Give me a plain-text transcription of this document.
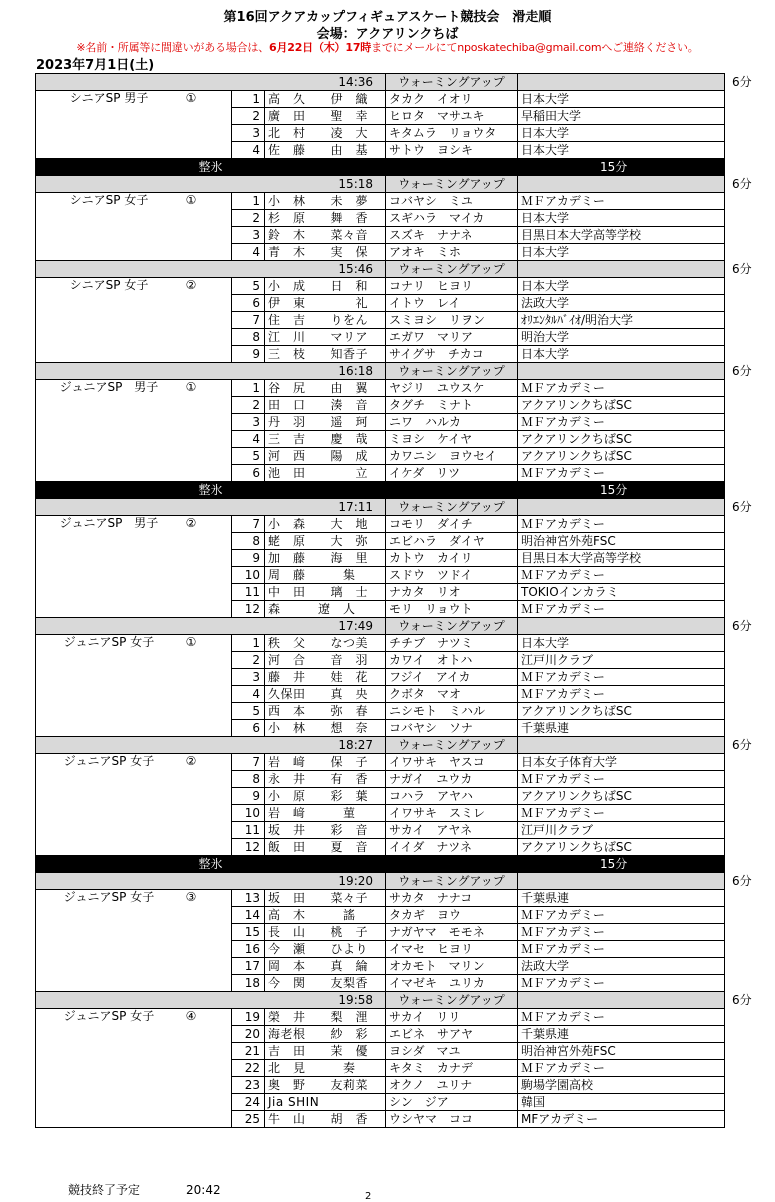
第16回アクアカップフィギュアスケート競技会　滑走順
会場：アクアリンクちば
※名前・所属等に間違いがある場合は、6月22日（木）17時までにメールにてnposkatechiba@gmail.comへご連絡ください。
2023年7月1日(土)
14:36			ウォーミングアップ	6分
シニアSP 男子 ①	1	高　久　　伊　織	タカク　イオリ	日本大学
	2	廣　田　　聖　幸	ヒロタ　マサユキ	早稲田大学
	3	北　村　　凌　大	キタムラ　リョウタ	日本大学
	4	佐　藤　　由　基	サトウ　ヨシキ	日本大学
整氷			15分	
15:18			ウォーミングアップ	6分
シニアSP 女子 ①	1	小　林　　未　夢	コバヤシ　ミユ	ＭＦアカデミー
	2	杉　原　　舞　香	スギハラ　マイカ	日本大学
	3	鈴　木　　菜々音	スズキ　ナナネ	目黒日本大学高等学校
	4	青　木　　実　保	アオキ　ミホ	日本大学
15:46			ウォーミングアップ	6分
シニアSP 女子 ②	5	小　成　　日　和	コナリ　ヒヨリ	日本大学
	6	伊　東　　　　礼	イトウ　レイ	法政大学
	7	住　吉　　りをん	スミヨシ　リヲン	ｵﾘｴﾝﾀﾙﾊﾞｲｵ/明治大学
	8	江　川　　マリア	エガワ　マリア	明治大学
	9	三　枝　　知香子	サイグサ　チカコ	日本大学
16:18			ウォーミングアップ	6分
ジュニアSP　男子 ①	1	谷　尻　　由　翼	ヤジリ　ユウスケ	ＭＦアカデミー
	2	田　口　　湊　音	タグチ　ミナト	アクアリンクちばSC
	3	丹　羽　　遥　珂	ニワ　ハルカ	ＭＦアカデミー
	4	三　吉　　慶　哉	ミヨシ　ケイヤ	アクアリンクちばSC
	5	河　西　　陽　成	カワニシ　ヨウセイ	アクアリンクちばSC
	6	池　田　　　　立	イケダ　リツ	ＭＦアカデミー
整氷			15分	
17:11			ウォーミングアップ	6分
ジュニアSP　男子 ②	7	小　森　　大　地	コモリ　ダイチ	ＭＦアカデミー
	8	蛯　原　　大　弥	エビハラ　ダイヤ	明治神宮外苑FSC
	9	加　藤　　海　里	カトウ　カイリ	目黒日本大学高等学校
	10	周　藤　　　集	スドウ　ツドイ	ＭＦアカデミー
	11	中　田　　璃　士	ナカタ　リオ	TOKIOインカラミ
	12	森　　　遼　人	モリ　リョウト	ＭＦアカデミー
17:49			ウォーミングアップ	6分
ジュニアSP 女子 ①	1	秩　父　　なつ美	チチブ　ナツミ	日本大学
	2	河　合　　音　羽	カワイ　オトハ	江戸川クラブ
	3	藤　井　　娃　花	フジイ　アイカ	ＭＦアカデミー
	4	久保田　　真　央	クボタ　マオ	ＭＦアカデミー
	5	西　本　　弥　春	ニシモト　ミハル	アクアリンクちばSC
	6	小　林　　想　奈	コバヤシ　ソナ	千葉県連
18:27			ウォーミングアップ	6分
ジュニアSP 女子 ②	7	岩　﨑　　保　子	イワサキ　ヤスコ	日本女子体育大学
	8	永　井　　有　香	ナガイ　ユウカ	ＭＦアカデミー
	9	小　原　　彩　葉	コハラ　アヤハ	アクアリンクちばSC
	10	岩　﨑　　　菫	イワサキ　スミレ	ＭＦアカデミー
	11	坂　井　　彩　音	サカイ　アヤネ	江戸川クラブ
	12	飯　田　　夏　音	イイダ　ナツネ	アクアリンクちばSC
整氷			15分	
19:20			ウォーミングアップ	6分
ジュニアSP 女子 ③	13	坂　田　　菜々子	サカタ　ナナコ	千葉県連
	14	高　木　　　謠	タカギ　ヨウ	ＭＦアカデミー
	15	長　山　　桃　子	ナガヤマ　モモネ	ＭＦアカデミー
	16	今　瀬　　ひより	イマセ　ヒヨリ	ＭＦアカデミー
	17	岡　本　　真　綸	オカモト　マリン	法政大学
	18	今　関　　友梨香	イマゼキ　ユリカ	ＭＦアカデミー
19:58			ウォーミングアップ	6分
ジュニアSP 女子 ④	19	榮　井　　梨　浬	サカイ　リリ	ＭＦアカデミー
	20	海老根　　紗　彩	エビネ　サアヤ	千葉県連
	21	吉　田　　茉　優	ヨシダ　マユ	明治神宮外苑FSC
	22	北　見　　　奏	キタミ　カナデ	ＭＦアカデミー
	23	奥　野　　友莉菜	オクノ　ユリナ	駒場学園高校
	24	Jia SHIN	シン　ジア	韓国
	25	牛　山　　胡　香	ウシヤマ　ココ	MFアカデミー
競技終了予定	20:42	2
